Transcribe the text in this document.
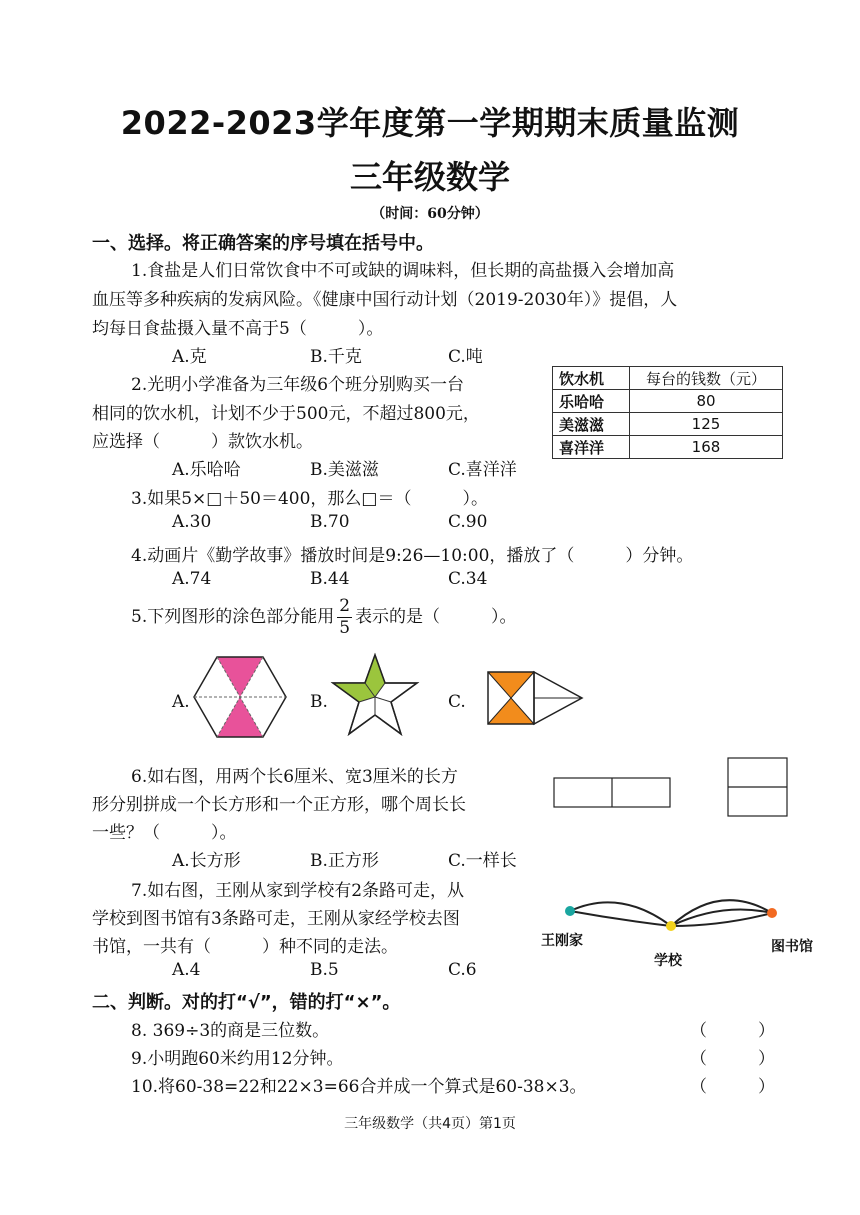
2022-2023学年度第一学期期末质量监测
三年级数学
（时间：60分钟）
一、选择。将正确答案的序号填在括号中。
1.食盐是人们日常饮食中不可或缺的调味料，但长期的高盐摄入会增加高
血压等多种疾病的发病风险。《健康中国行动计划（2019-2030年）》提倡，人
均每日食盐摄入量不高于5（　　　）。
A.克	B.千克	C.吨
2.光明小学准备为三年级6个班分别购买一台
相同的饮水机，计划不少于500元，不超过800元，
应选择（　　　）款饮水机。
A.乐哈哈	B.美滋滋	C.喜洋洋
饮水机	每台的钱数（元）
乐哈哈	80
美滋滋	125
喜洋洋	168
3.如果5×□＋50＝400，那么□＝（　　　）。
A.30	B.70	C.90
4.动画片《勤学故事》播放时间是9:26—10:00，播放了（　　　）分钟。
A.74	B.44	C.34
5.下列图形的涂色部分能用 $\frac{2}{5}$ 表示的是（　　　）。
A.	B.	C.
6.如右图，用两个长6厘米、宽3厘米的长方
形分别拼成一个长方形和一个正方形，哪个周长长
一些？（　　　）。
A.长方形	B.正方形	C.一样长
7.如右图，王刚从家到学校有2条路可走，从
学校到图书馆有3条路可走，王刚从家经学校去图
书馆，一共有（　　　）种不同的走法。
A.4	B.5	C.6
王刚家
学校
图书馆
二、判断。对的打“√”，错的打“×”。
8. 369÷3的商是三位数。	（　　　）
9.小明跑60米约用12分钟。	（　　　）
10.将60-38=22和22×3=66合并成一个算式是60-38×3。	（　　　）
三年级数学（共4页）第1页
